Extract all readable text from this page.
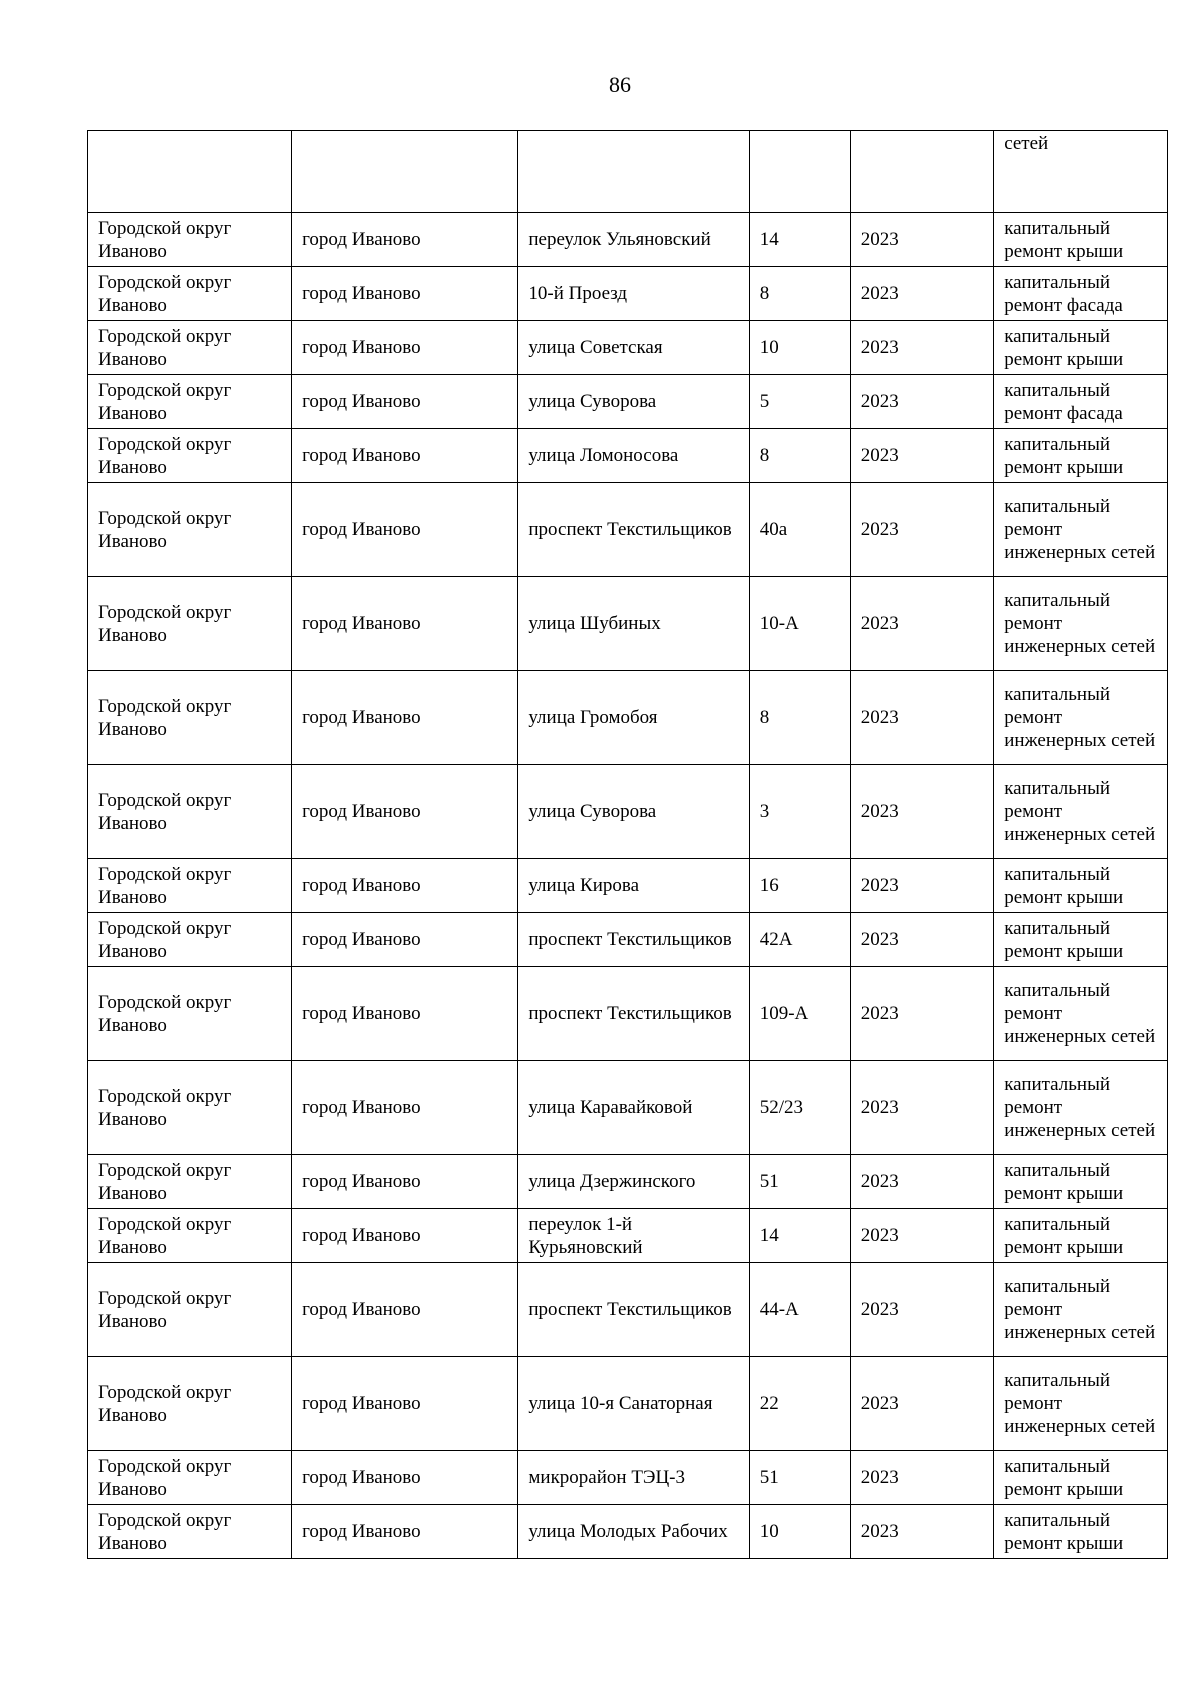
86
					сетей
Городской округ Иваново	город Иваново	переулок Ульяновский	14	2023	капитальный ремонт крыши
Городской округ Иваново	город Иваново	10-й Проезд	8	2023	капитальный ремонт фасада
Городской округ Иваново	город Иваново	улица Советская	10	2023	капитальный ремонт крыши
Городской округ Иваново	город Иваново	улица Суворова	5	2023	капитальный ремонт фасада
Городской округ Иваново	город Иваново	улица Ломоносова	8	2023	капитальный ремонт крыши
Городской округ Иваново	город Иваново	проспект Текстильщиков	40а	2023	капитальный ремонт инженерных сетей
Городской округ Иваново	город Иваново	улица Шубиных	10-А	2023	капитальный ремонт инженерных сетей
Городской округ Иваново	город Иваново	улица Громобоя	8	2023	капитальный ремонт инженерных сетей
Городской округ Иваново	город Иваново	улица Суворова	3	2023	капитальный ремонт инженерных сетей
Городской округ Иваново	город Иваново	улица Кирова	16	2023	капитальный ремонт крыши
Городской округ Иваново	город Иваново	проспект Текстильщиков	42А	2023	капитальный ремонт крыши
Городской округ Иваново	город Иваново	проспект Текстильщиков	109-А	2023	капитальный ремонт инженерных сетей
Городской округ Иваново	город Иваново	улица Каравайковой	52/23	2023	капитальный ремонт инженерных сетей
Городской округ Иваново	город Иваново	улица Дзержинского	51	2023	капитальный ремонт крыши
Городской округ Иваново	город Иваново	переулок 1-й Курьяновский	14	2023	капитальный ремонт крыши
Городской округ Иваново	город Иваново	проспект Текстильщиков	44-А	2023	капитальный ремонт инженерных сетей
Городской округ Иваново	город Иваново	улица 10-я Санаторная	22	2023	капитальный ремонт инженерных сетей
Городской округ Иваново	город Иваново	микрорайон ТЭЦ-3	51	2023	капитальный ремонт крыши
Городской округ Иваново	город Иваново	улица Молодых Рабочих	10	2023	капитальный ремонт крыши
